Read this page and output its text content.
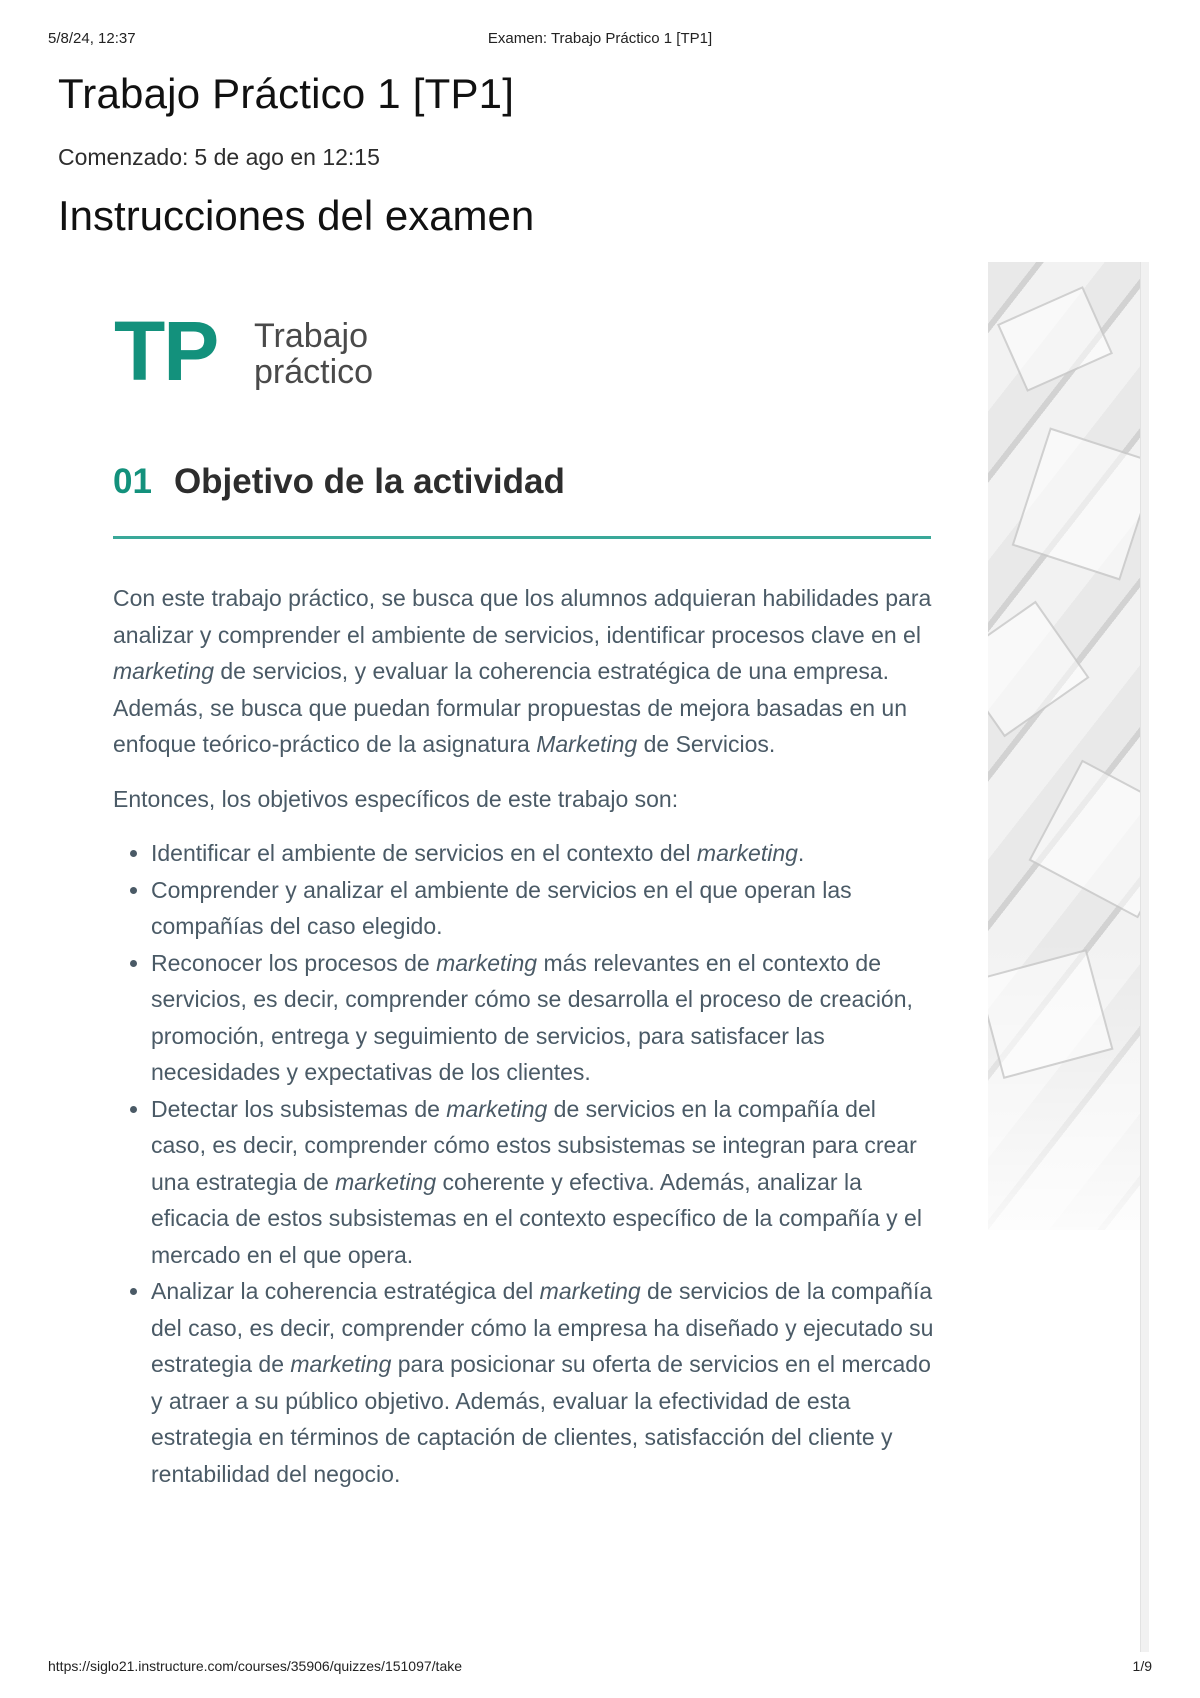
5/8/24, 12:37	Examen: Trabajo Práctico 1 [TP1]
Trabajo Práctico 1 [TP1]
Comenzado: 5 de ago en 12:15
Instrucciones del examen
TP Trabajo
práctico
01 Objetivo de la actividad

Con este trabajo práctico, se busca que los alumnos adquieran habilidades para analizar y comprender el ambiente de servicios, identificar procesos clave en el marketing de servicios, y evaluar la coherencia estratégica de una empresa. Además, se busca que puedan formular propuestas de mejora basadas en un enfoque teórico-práctico de la asignatura Marketing de Servicios.

Entonces, los objetivos específicos de este trabajo son:

• Identificar el ambiente de servicios en el contexto del marketing.
• Comprender y analizar el ambiente de servicios en el que operan las compañías del caso elegido.
• Reconocer los procesos de marketing más relevantes en el contexto de servicios, es decir, comprender cómo se desarrolla el proceso de creación, promoción, entrega y seguimiento de servicios, para satisfacer las necesidades y expectativas de los clientes.
• Detectar los subsistemas de marketing de servicios en la compañía del caso, es decir, comprender cómo estos subsistemas se integran para crear una estrategia de marketing coherente y efectiva. Además, analizar la eficacia de estos subsistemas en el contexto específico de la compañía y el mercado en el que opera.
• Analizar la coherencia estratégica del marketing de servicios de la compañía del caso, es decir, comprender cómo la empresa ha diseñado y ejecutado su estrategia de marketing para posicionar su oferta de servicios en el mercado y atraer a su público objetivo. Además, evaluar la efectividad de esta estrategia en términos de captación de clientes, satisfacción del cliente y rentabilidad del negocio.
https://siglo21.instructure.com/courses/35906/quizzes/151097/take	1/9
